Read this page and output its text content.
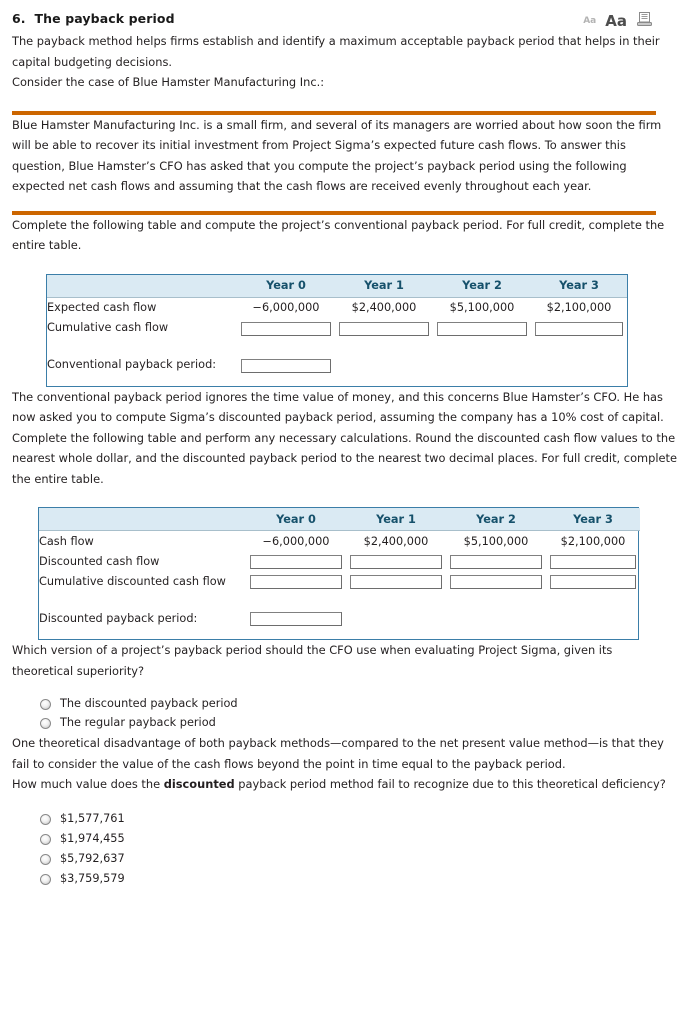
6.  The payback period	Aa Aa

The payback method helps firms establish and identify a maximum acceptable payback period that helps in their capital budgeting decisions.

Consider the case of Blue Hamster Manufacturing Inc.:

Blue Hamster Manufacturing Inc. is a small firm, and several of its managers are worried about how soon the firm will be able to recover its initial investment from Project Sigma’s expected future cash flows. To answer this question, Blue Hamster’s CFO has asked that you compute the project’s payback period using the following expected net cash flows and assuming that the cash flows are received evenly throughout each year.

Complete the following table and compute the project’s conventional payback period. For full credit, complete the entire table.

	Year 0	Year 1	Year 2	Year 3
Expected cash flow	−6,000,000	$2,400,000	$5,100,000	$2,100,000
Cumulative cash flow				

Conventional payback period:				

The conventional payback period ignores the time value of money, and this concerns Blue Hamster’s CFO. He has now asked you to compute Sigma’s discounted payback period, assuming the company has a 10% cost of capital. Complete the following table and perform any necessary calculations. Round the discounted cash flow values to the nearest whole dollar, and the discounted payback period to the nearest two decimal places. For full credit, complete the entire table.

	Year 0	Year 1	Year 2	Year 3
Cash flow	−6,000,000	$2,400,000	$5,100,000	$2,100,000
Discounted cash flow				
Cumulative discounted cash flow				

Discounted payback period:				

Which version of a project’s payback period should the CFO use when evaluating Project Sigma, given its theoretical superiority?

The discounted payback period
The regular payback period

One theoretical disadvantage of both payback methods—compared to the net present value method—is that they fail to consider the value of the cash flows beyond the point in time equal to the payback period.

How much value does the discounted payback period method fail to recognize due to this theoretical deficiency?

$1,577,761
$1,974,455
$5,792,637
$3,759,579
